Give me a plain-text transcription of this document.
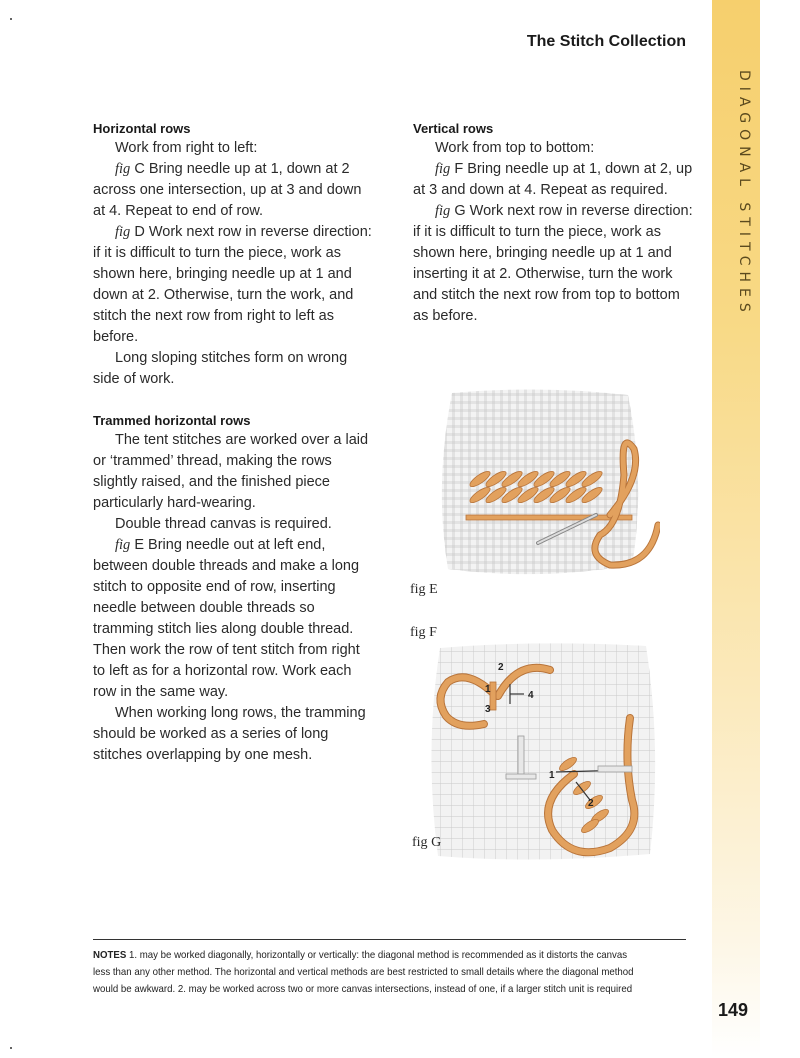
The Stitch Collection
DIAGONAL STITCHES

Horizontal rows

Work from right to left:

fig C Bring needle up at 1, down at 2 across one intersection, up at 3 and down at 4. Repeat to end of row.

fig D Work next row in reverse direction: if it is difficult to turn the piece, work as shown here, bringing needle up at 1 and down at 2. Otherwise, turn the work, and stitch the next row from right to left as before.

Long sloping stitches form on wrong side of work.

Trammed horizontal rows

The tent stitches are worked over a laid or ‘trammed’ thread, making the rows slightly raised, and the finished piece particularly hard-wearing.

Double thread canvas is required.

fig E Bring needle out at left end, between double threads and make a long stitch to opposite end of row, inserting needle between double threads so tramming stitch lies along double thread. Then work the row of tent stitch from right to left as for a horizontal row. Work each row in the same way.

When working long rows, the tramming should be worked as a series of long stitches overlapping by one mesh.

Vertical rows

Work from top to bottom:

fig F Bring needle up at 1, down at 2, up at 3 and down at 4. Repeat as required.

fig G Work next row in reverse direction: if it is difficult to turn the piece, work as shown here, bringing needle up at 1 and inserting it at 2. Otherwise, turn the work and stitch the next row from top to bottom as before.

fig E
fig F
2
1
3
4
1
2
fig G
NOTES 1. may be worked diagonally, horizontally or vertically: the diagonal method is recommended as it distorts the canvas less than any other method. The horizontal and vertical methods are best restricted to small details where the diagonal method would be awkward. 2. may be worked across two or more canvas intersections, instead of one, if a larger stitch unit is required
149
